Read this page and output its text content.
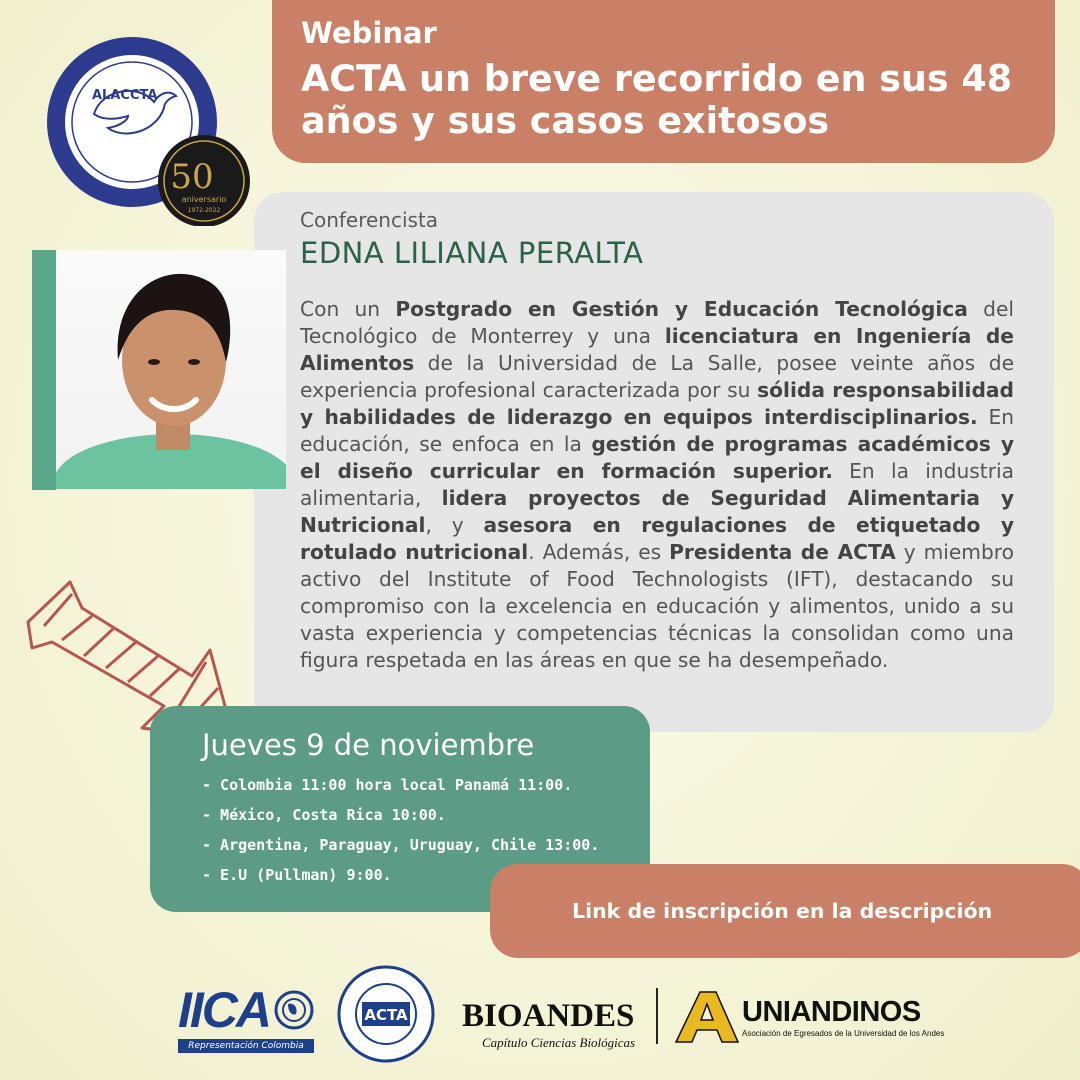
50
aniversario
1972-2022
ALACCTA
Webinar
ACTA un breve recorrido en sus 48 años y sus casos exitosos
Conferencista
EDNA LILIANA PERALTA
Con un Postgrado en Gestión y Educación Tecnológica del Tecnológico de Monterrey y una licenciatura en Ingeniería de Alimentos de la Universidad de La Salle, posee veinte años de experiencia profesional caracterizada por su sólida responsabilidad y habilidades de liderazgo en equipos interdisciplinarios. En educación, se enfoca en la gestión de programas académicos y el diseño curricular en formación superior. En la industria alimentaria, lidera proyectos de Seguridad Alimentaria y Nutricional, y asesora en regulaciones de etiquetado y rotulado nutricional. Además, es Presidenta de ACTA y miembro activo del Institute of Food Technologists (IFT), destacando su compromiso con la excelencia en educación y alimentos, unido a su vasta experiencia y competencias técnicas la consolidan como una figura respetada en las áreas en que se ha desempeñado.
Jueves 9 de noviembre
- Colombia 11:00 hora local Panamá 11:00.
- México, Costa Rica 10:00.
- Argentina, Paraguay, Uruguay, Chile 13:00.
- E.U (Pullman) 9:00.
Link de inscripción en la descripción
IICA
Representación Colombia
ACTA BIOANDES
Capítulo Ciencias Biológicas
UNIANDINOS
Asociación de Egresados de la Universidad de los Andes
